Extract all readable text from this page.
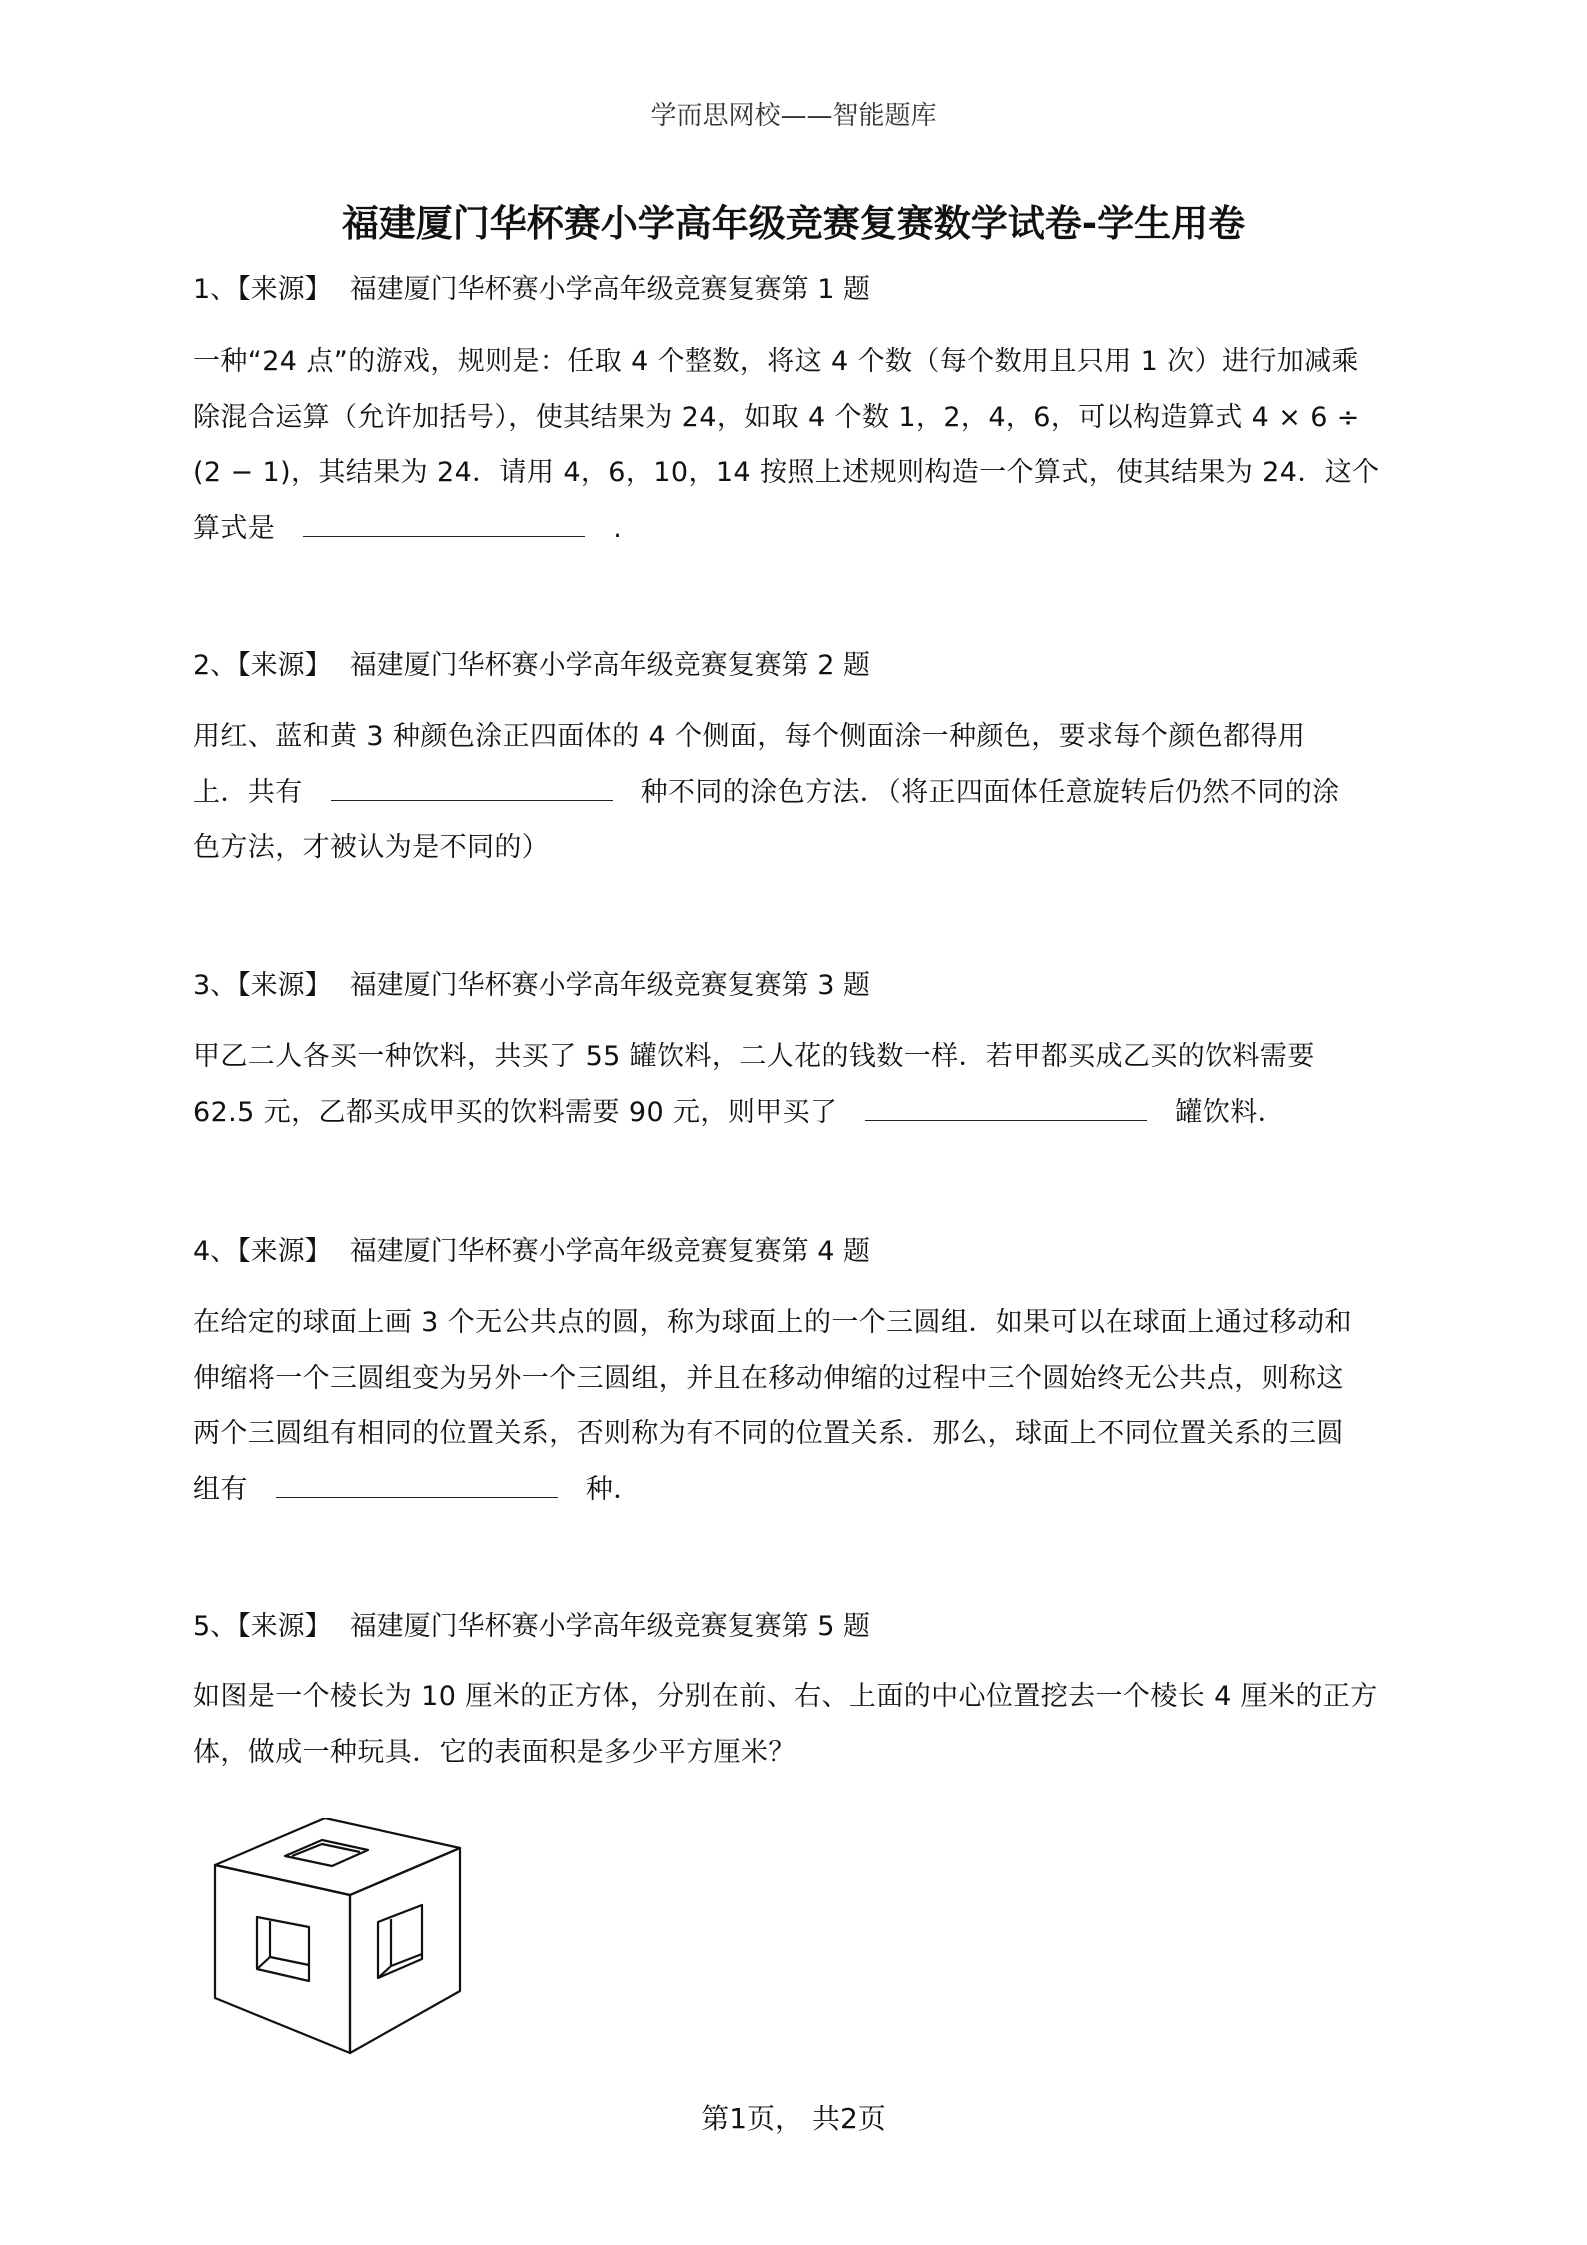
学而思网校——智能题库
福建厦门华杯赛小学高年级竞赛复赛数学试卷-学生用卷
1、【来源】 福建厦门华杯赛小学高年级竞赛复赛第 1 题
一种“24 点”的游戏，规则是：任取 4 个整数，将这 4 个数（每个数用且只用 1 次）进行加减乘
除混合运算（允许加括号），使其结果为 24，如取 4 个数 1，2，4，6，可以构造算式 4 × 6 ÷
(2 − 1)，其结果为 24．请用 4，6，10，14 按照上述规则构造一个算式，使其结果为 24．这个
算式是	.
2、【来源】 福建厦门华杯赛小学高年级竞赛复赛第 2 题
用红、蓝和黄 3 种颜色涂正四面体的 4 个侧面，每个侧面涂一种颜色，要求每个颜色都得用
上．共有	种不同的涂色方法．（将正四面体任意旋转后仍然不同的涂
色方法，才被认为是不同的）
3、【来源】 福建厦门华杯赛小学高年级竞赛复赛第 3 题
甲乙二人各买一种饮料，共买了 55 罐饮料，二人花的钱数一样．若甲都买成乙买的饮料需要
62.5 元，乙都买成甲买的饮料需要 90 元，则甲买了	罐饮料．
4、【来源】 福建厦门华杯赛小学高年级竞赛复赛第 4 题
在给定的球面上画 3 个无公共点的圆，称为球面上的一个三圆组．如果可以在球面上通过移动和
伸缩将一个三圆组变为另外一个三圆组，并且在移动伸缩的过程中三个圆始终无公共点，则称这
两个三圆组有相同的位置关系，否则称为有不同的位置关系．那么，球面上不同位置关系的三圆
组有	种．
5、【来源】 福建厦门华杯赛小学高年级竞赛复赛第 5 题
如图是一个棱长为 10 厘米的正方体，分别在前、右、上面的中心位置挖去一个棱长 4 厘米的正方
体，做成一种玩具．它的表面积是多少平方厘米？
第1页， 共2页
